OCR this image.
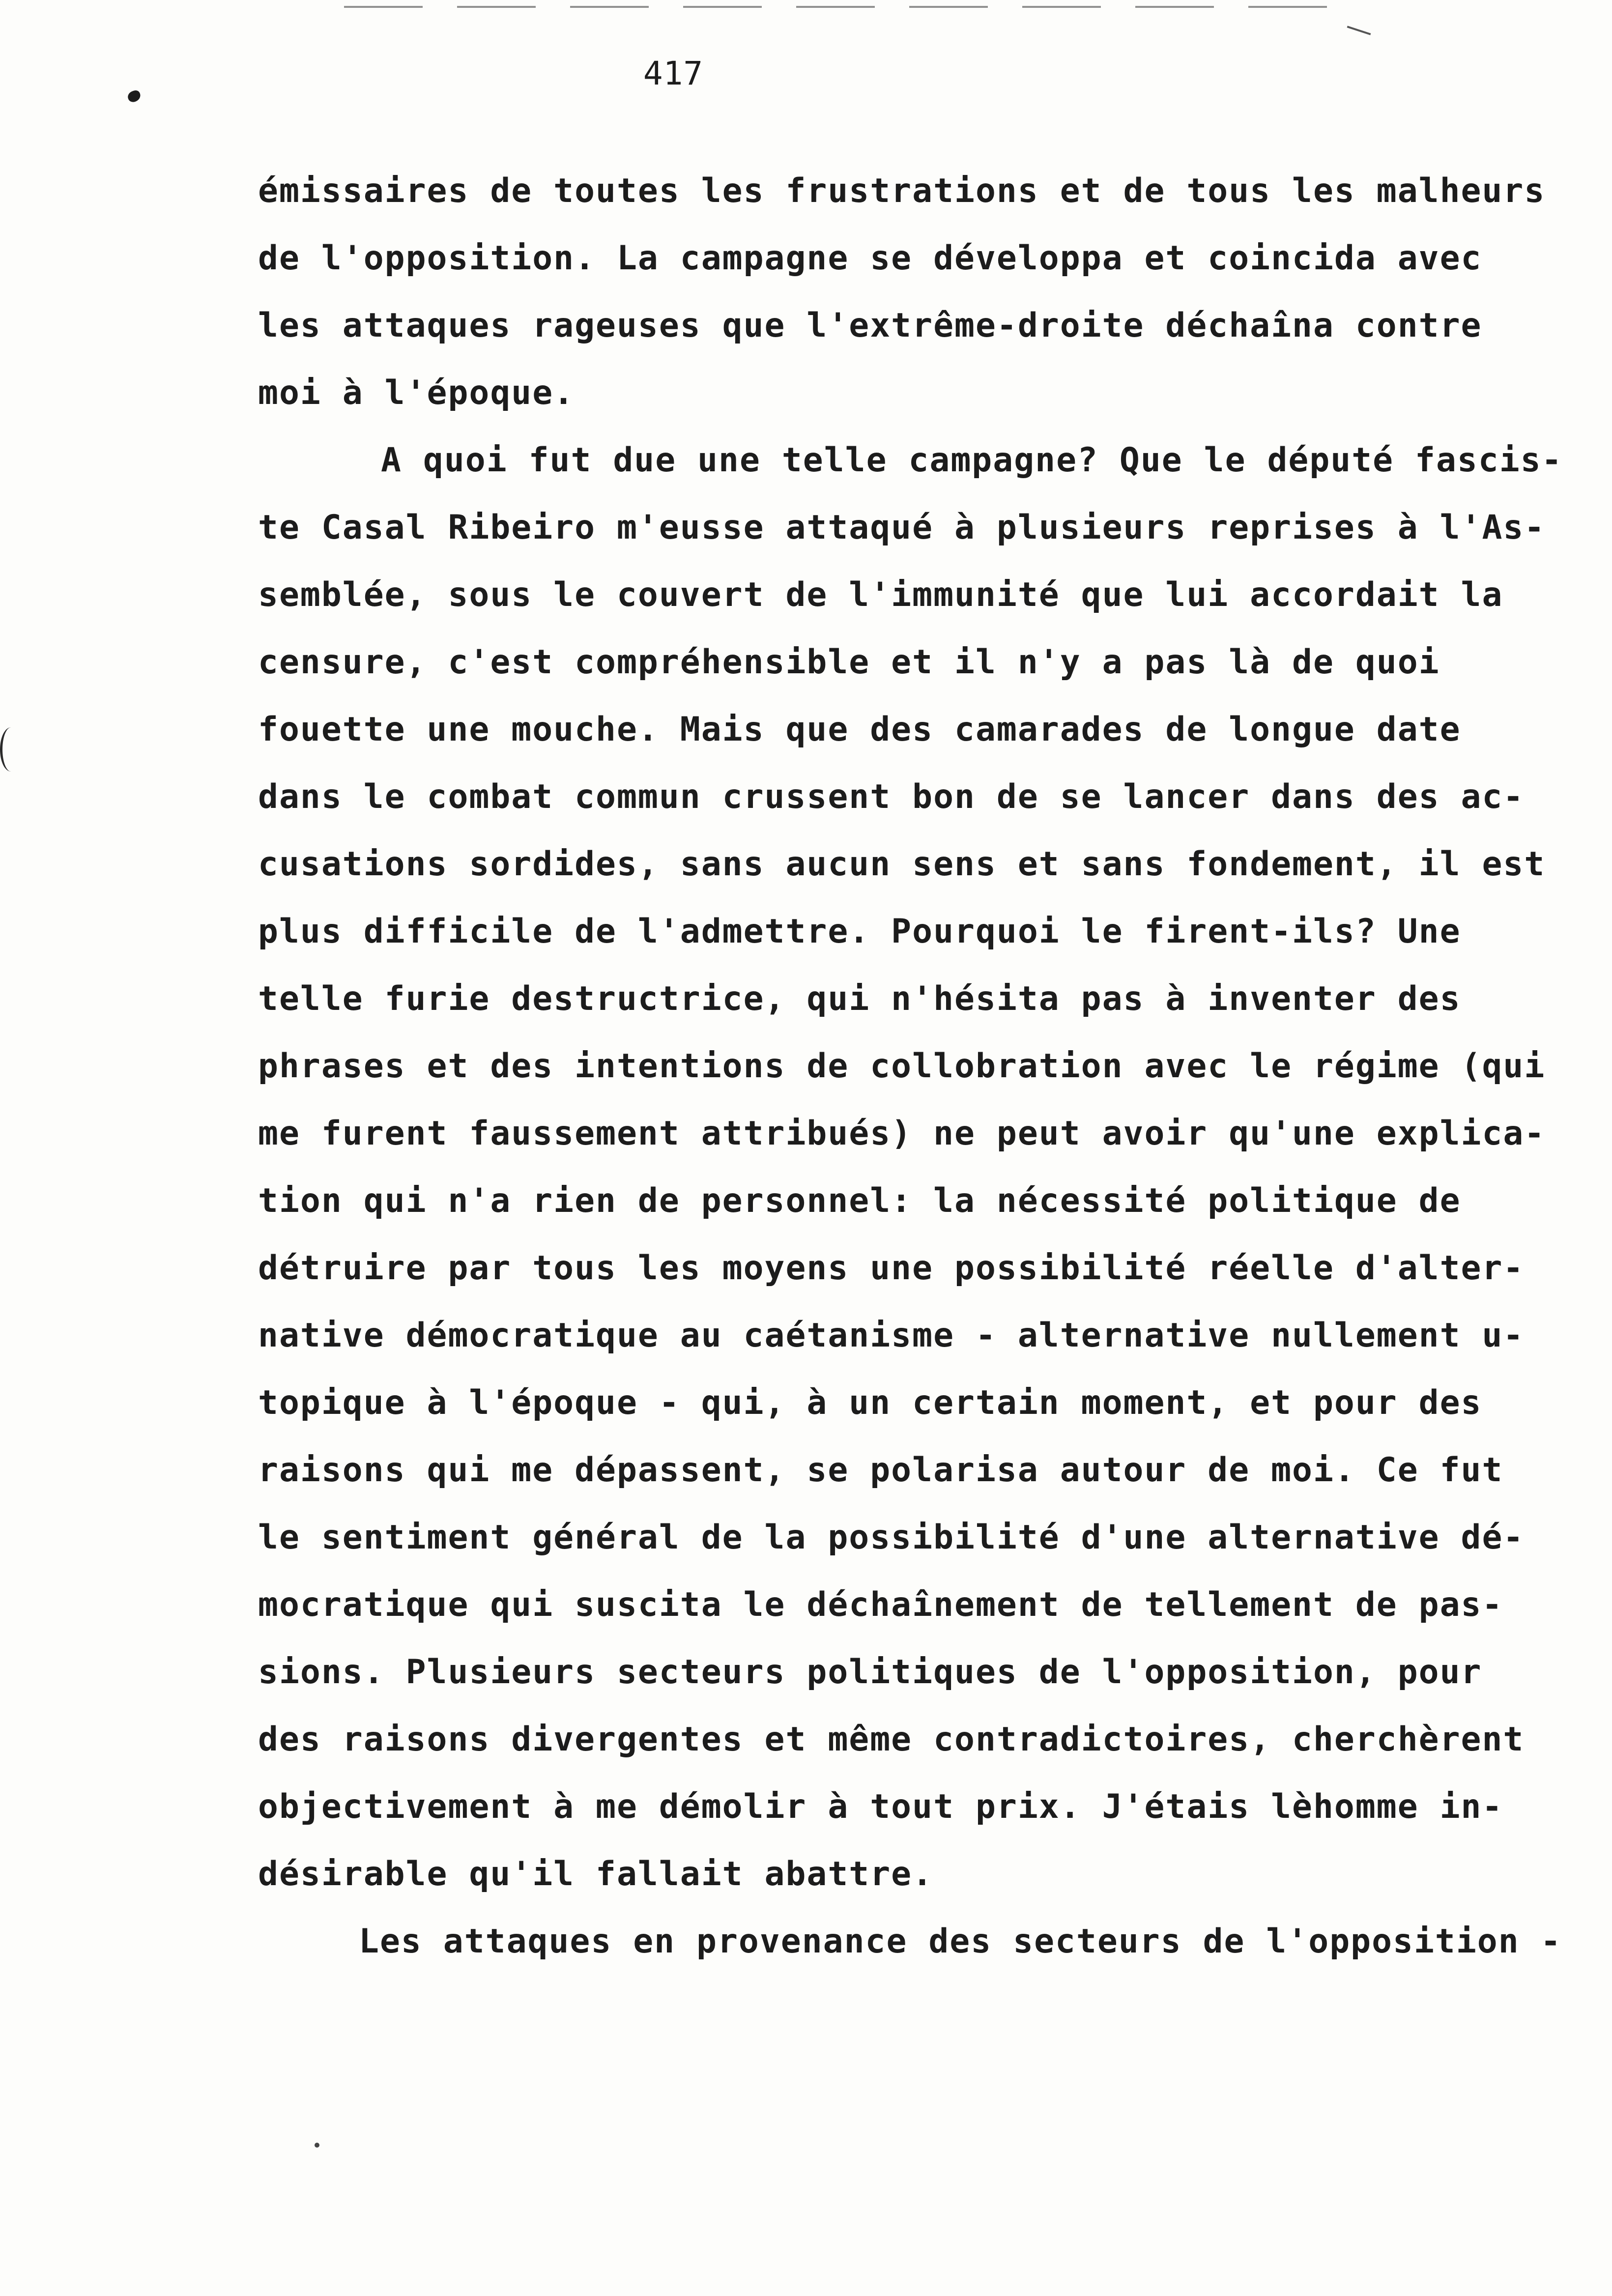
417
émissaires de toutes les frustrations et de tous les malheurs
de l'opposition. La campagne se développa et coincida avec
les attaques rageuses que l'extrême-droite déchaîna contre
moi à l'époque.
A quoi fut due une telle campagne? Que le député fascis-
te Casal Ribeiro m'eusse attaqué à plusieurs reprises à l'As-
semblée, sous le couvert de l'immunité que lui accordait la
censure, c'est compréhensible et il n'y a pas là de quoi
fouette une mouche. Mais que des camarades de longue date
dans le combat commun crussent bon de se lancer dans des ac-
cusations sordides, sans aucun sens et sans fondement, il est
plus difficile de l'admettre. Pourquoi le firent-ils? Une
telle furie destructrice, qui n'hésita pas à inventer des
phrases et des intentions de collobration avec le régime (qui
me furent faussement attribués) ne peut avoir qu'une explica-
tion qui n'a rien de personnel: la nécessité politique de
détruire par tous les moyens une possibilité réelle d'alter-
native démocratique au caétanisme - alternative nullement u-
topique à l'époque - qui, à un certain moment, et pour des
raisons qui me dépassent, se polarisa autour de moi. Ce fut
le sentiment général de la possibilité d'une alternative dé-
mocratique qui suscita le déchaînement de tellement de pas-
sions. Plusieurs secteurs politiques de l'opposition, pour
des raisons divergentes et même contradictoires, cherchèrent
objectivement à me démolir à tout prix. J'étais lèhomme in-
désirable qu'il fallait abattre.
Les attaques en provenance des secteurs de l'opposition -
